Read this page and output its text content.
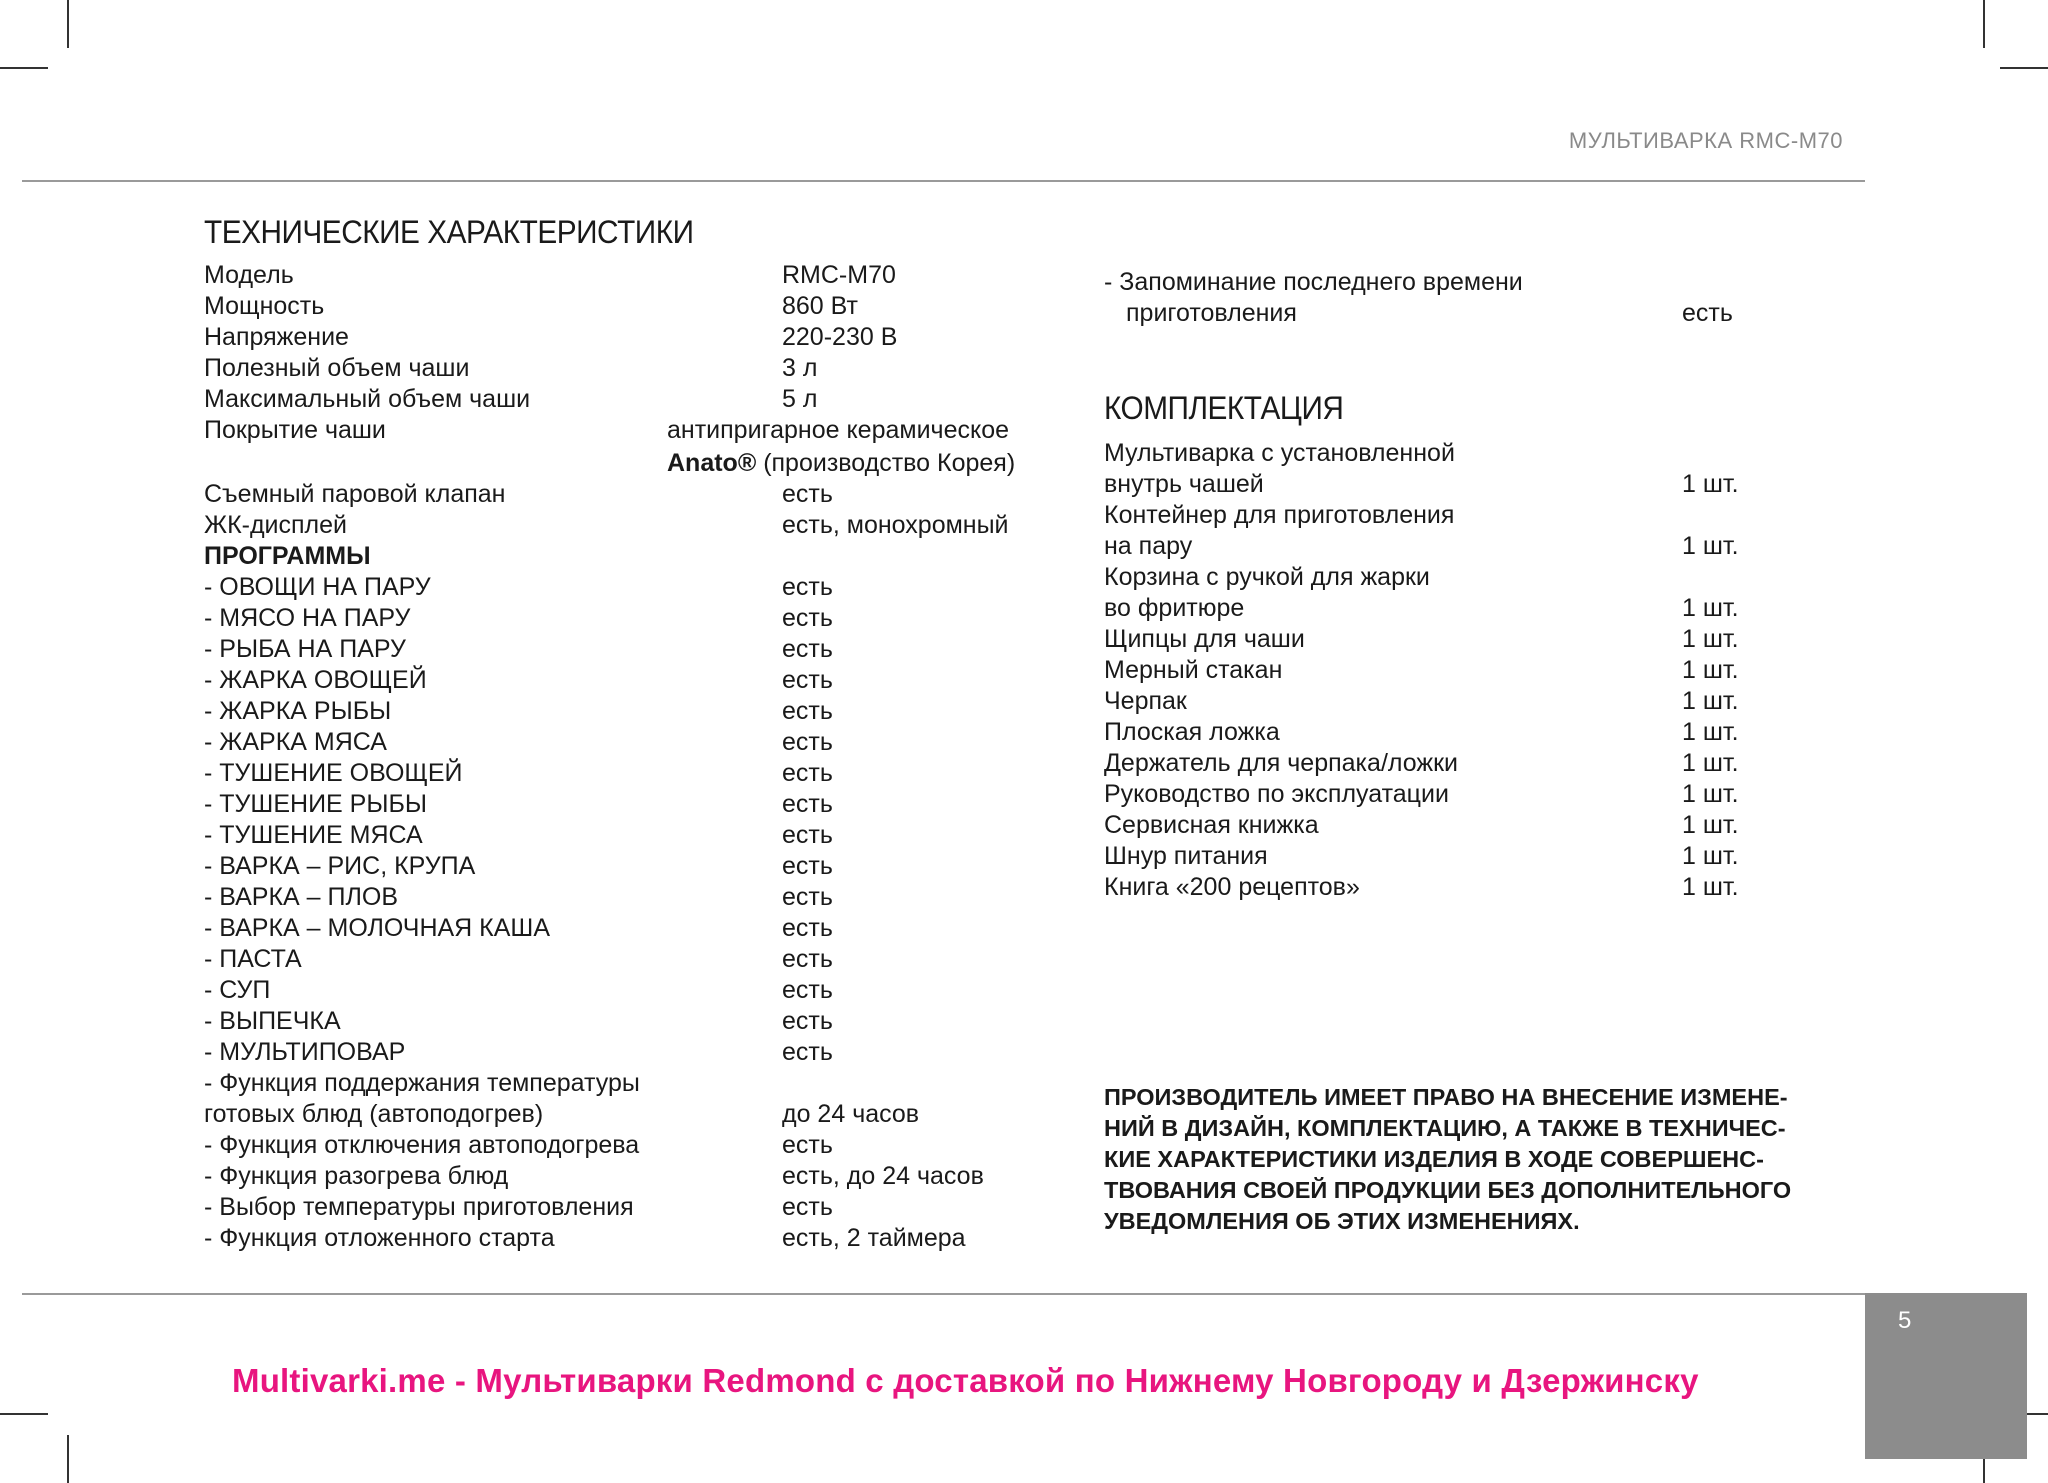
МУЛЬТИВАРКА RMC-M70
ТЕХНИЧЕСКИЕ ХАРАКТЕРИСТИКИ
Модель	RMC-M70
Мощность	860 Вт
Напряжение	220-230 В
Полезный объем чаши	3 л
Максимальный объем чаши	5 л
Покрытие чаши	антипригарное керамическое
Anato® (производство Корея)
Съемный паровой клапан	есть
ЖК-дисплей	есть, монохромный
ПРОГРАММЫ
- ОВОЩИ НА ПАРУ	есть
- МЯСО НА ПАРУ	есть
- РЫБА НА ПАРУ	есть
- ЖАРКА ОВОЩЕЙ	есть
- ЖАРКА РЫБЫ	есть
- ЖАРКА МЯСА	есть
- ТУШЕНИЕ ОВОЩЕЙ	есть
- ТУШЕНИЕ РЫБЫ	есть
- ТУШЕНИЕ МЯСА	есть
- ВАРКА – РИС, КРУПА	есть
- ВАРКА – ПЛОВ	есть
- ВАРКА – МОЛОЧНАЯ КАША	есть
- ПАСТА	есть
- СУП	есть
- ВЫПЕЧКА	есть
- МУЛЬТИПОВАР	есть
- Функция поддержания температуры
готовых блюд (автоподогрев)	до 24 часов
- Функция отключения автоподогрева	есть
- Функция разогрева блюд	есть, до 24 часов
- Выбор температуры приготовления	есть
- Функция отложенного старта	есть, 2 таймера
- Запоминание последнего времени
приготовления	есть
КОМПЛЕКТАЦИЯ
Мультиварка с установленной
внутрь чашей	1 шт.
Контейнер для приготовления
на пару	1 шт.
Корзина с ручкой для жарки
во фритюре	1 шт.
Щипцы для чаши	1 шт.
Мерный стакан	1 шт.
Черпак	1 шт.
Плоская ложка	1 шт.
Держатель для черпака/ложки	1 шт.
Руководство по эксплуатации	1 шт.
Сервисная книжка	1 шт.
Шнур питания	1 шт.
Книга «200 рецептов»	1 шт.
ПРОИЗВОДИТЕЛЬ ИМЕЕТ ПРАВО НА ВНЕСЕНИЕ ИЗМЕНЕ-
НИЙ В ДИЗАЙН, КОМПЛЕКТАЦИЮ, А ТАКЖЕ В ТЕХНИЧЕС-
КИЕ ХАРАКТЕРИСТИКИ ИЗДЕЛИЯ В ХОДЕ СОВЕРШЕНС-
ТВОВАНИЯ СВОЕЙ ПРОДУКЦИИ БЕЗ ДОПОЛНИТЕЛЬНОГО
УВЕДОМЛЕНИЯ ОБ ЭТИХ ИЗМЕНЕНИЯХ.
5
Multivarki.me - Мультиварки Redmond с доставкой по Нижнему Новгороду и Дзержинску
